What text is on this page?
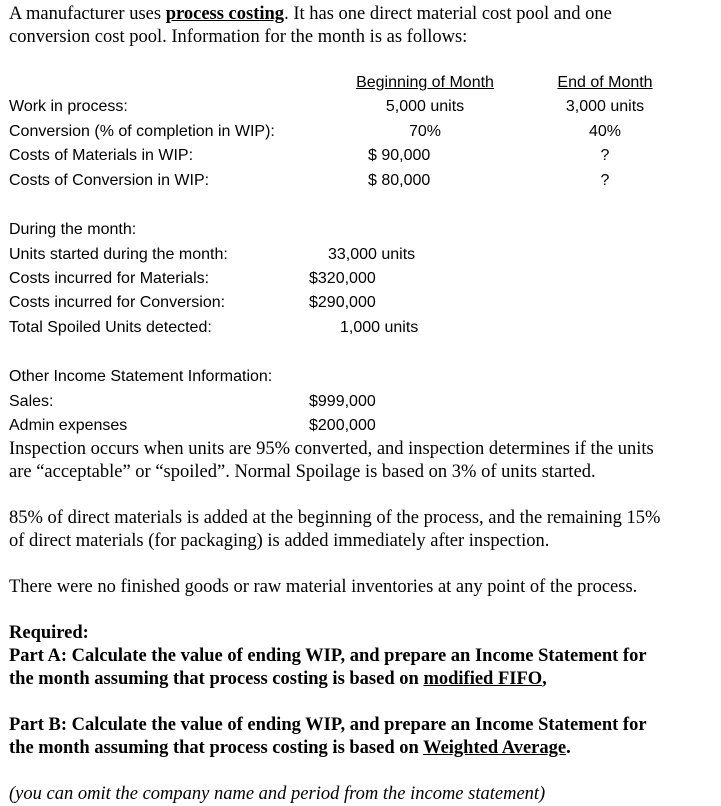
A manufacturer uses process costing. It has one direct material cost pool and one
conversion cost pool. Information for the month is as follows:
Beginning of Month	End of Month
Work in process:	5,000 units	3,000 units
Conversion (% of completion in WIP):	70%	40%
Costs of Materials in WIP:	$ 90,000	?
Costs of Conversion in WIP:	$ 80,000	?
During the month:
Units started during the month:	33,000 units
Costs incurred for Materials:	$320,000
Costs incurred for Conversion:	$290,000
Total Spoiled Units detected:	1,000 units
Other Income Statement Information:
Sales:	$999,000
Admin expenses	$200,000
Inspection occurs when units are 95% converted, and inspection determines if the units
are “acceptable” or “spoiled”. Normal Spoilage is based on 3% of units started.
85% of direct materials is added at the beginning of the process, and the remaining 15%
of direct materials (for packaging) is added immediately after inspection.
There were no finished goods or raw material inventories at any point of the process.
Required:
Part A: Calculate the value of ending WIP, and prepare an Income Statement for
the month assuming that process costing is based on modified FIFO,
Part B: Calculate the value of ending WIP, and prepare an Income Statement for
the month assuming that process costing is based on Weighted Average.
(you can omit the company name and period from the income statement)
